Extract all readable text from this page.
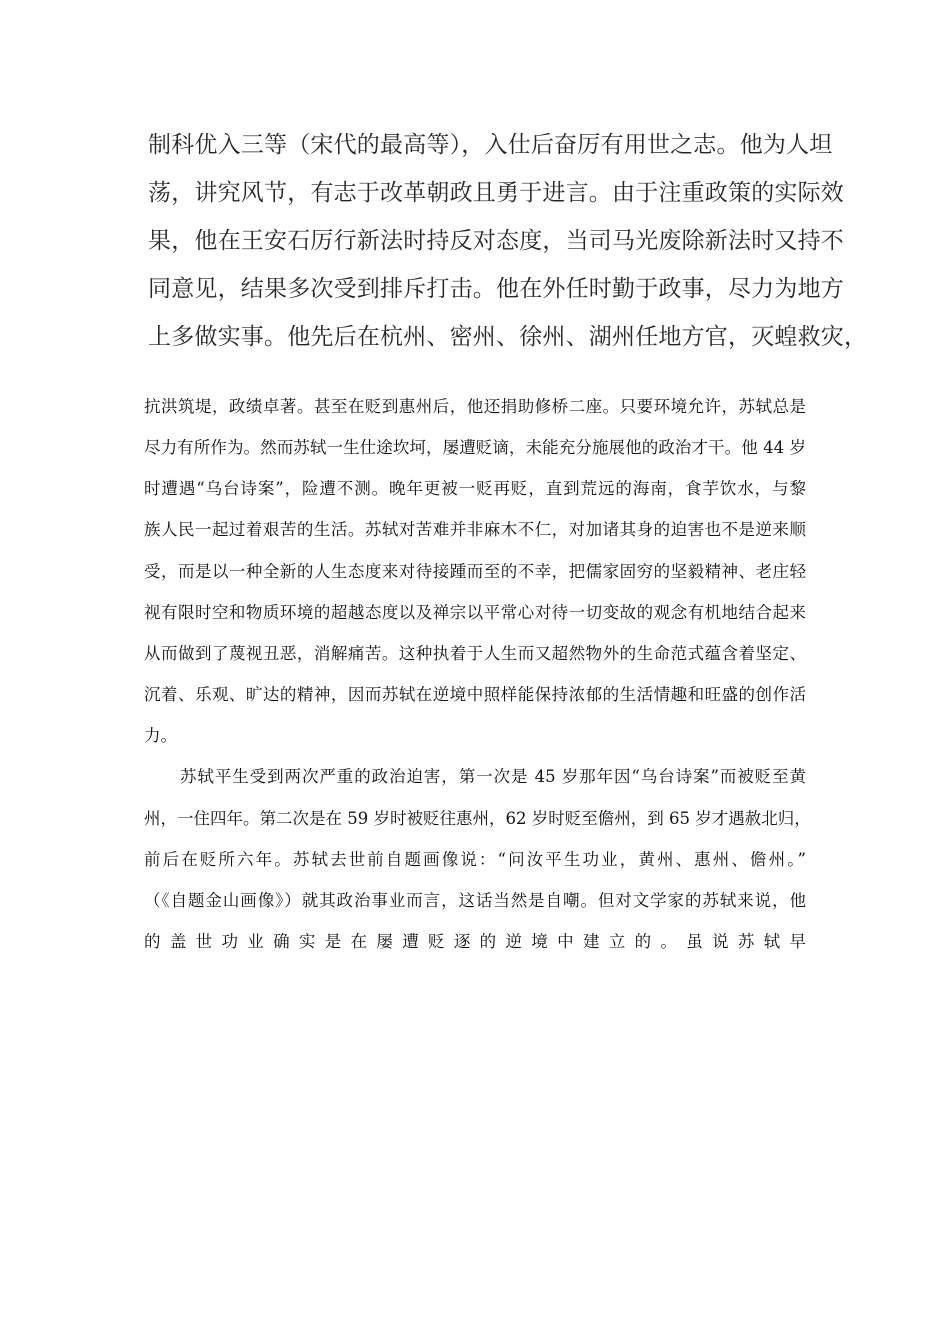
制科优入三等（宋代的最高等），入仕后奋厉有用世之志。他为人坦
荡，讲究风节，有志于改革朝政且勇于进言。由于注重政策的实际效
果，他在王安石厉行新法时持反对态度，当司马光废除新法时又持不
同意见，结果多次受到排斥打击。他在外任时勤于政事，尽力为地方
上多做实事。他先后在杭州、密州、徐州、湖州任地方官，灭蝗救灾，
抗洪筑堤，政绩卓著。甚至在贬到惠州后，他还捐助修桥二座。只要环境允许，苏轼总是
尽力有所作为。然而苏轼一生仕途坎坷，屡遭贬谪，未能充分施展他的政治才干。他 44 岁
时遭遇“乌台诗案”，险遭不测。晚年更被一贬再贬，直到荒远的海南，食芋饮水，与黎
族人民一起过着艰苦的生活。苏轼对苦难并非麻木不仁，对加诸其身的迫害也不是逆来顺
受，而是以一种全新的人生态度来对待接踵而至的不幸，把儒家固穷的坚毅精神、老庄轻
视有限时空和物质环境的超越态度以及禅宗以平常心对待一切变故的观念有机地结合起来
从而做到了蔑视丑恶，消解痛苦。这种执着于人生而又超然物外的生命范式蕴含着坚定、
沉着、乐观、旷达的精神，因而苏轼在逆境中照样能保持浓郁的生活情趣和旺盛的创作活
力。
苏轼平生受到两次严重的政治迫害，第一次是 45 岁那年因“乌台诗案”而被贬至黄
州，一住四年。第二次是在 59 岁时被贬往惠州，62 岁时贬至儋州，到 65 岁才遇赦北归，
前后在贬所六年。苏轼去世前自题画像说：“问汝平生功业，黄州、惠州、儋州。”
（《自题金山画像》）就其政治事业而言，这话当然是自嘲。但对文学家的苏轼来说，他
的盖世功业确实是在屡遭贬逐的逆境中建立的。虽说苏轼早
